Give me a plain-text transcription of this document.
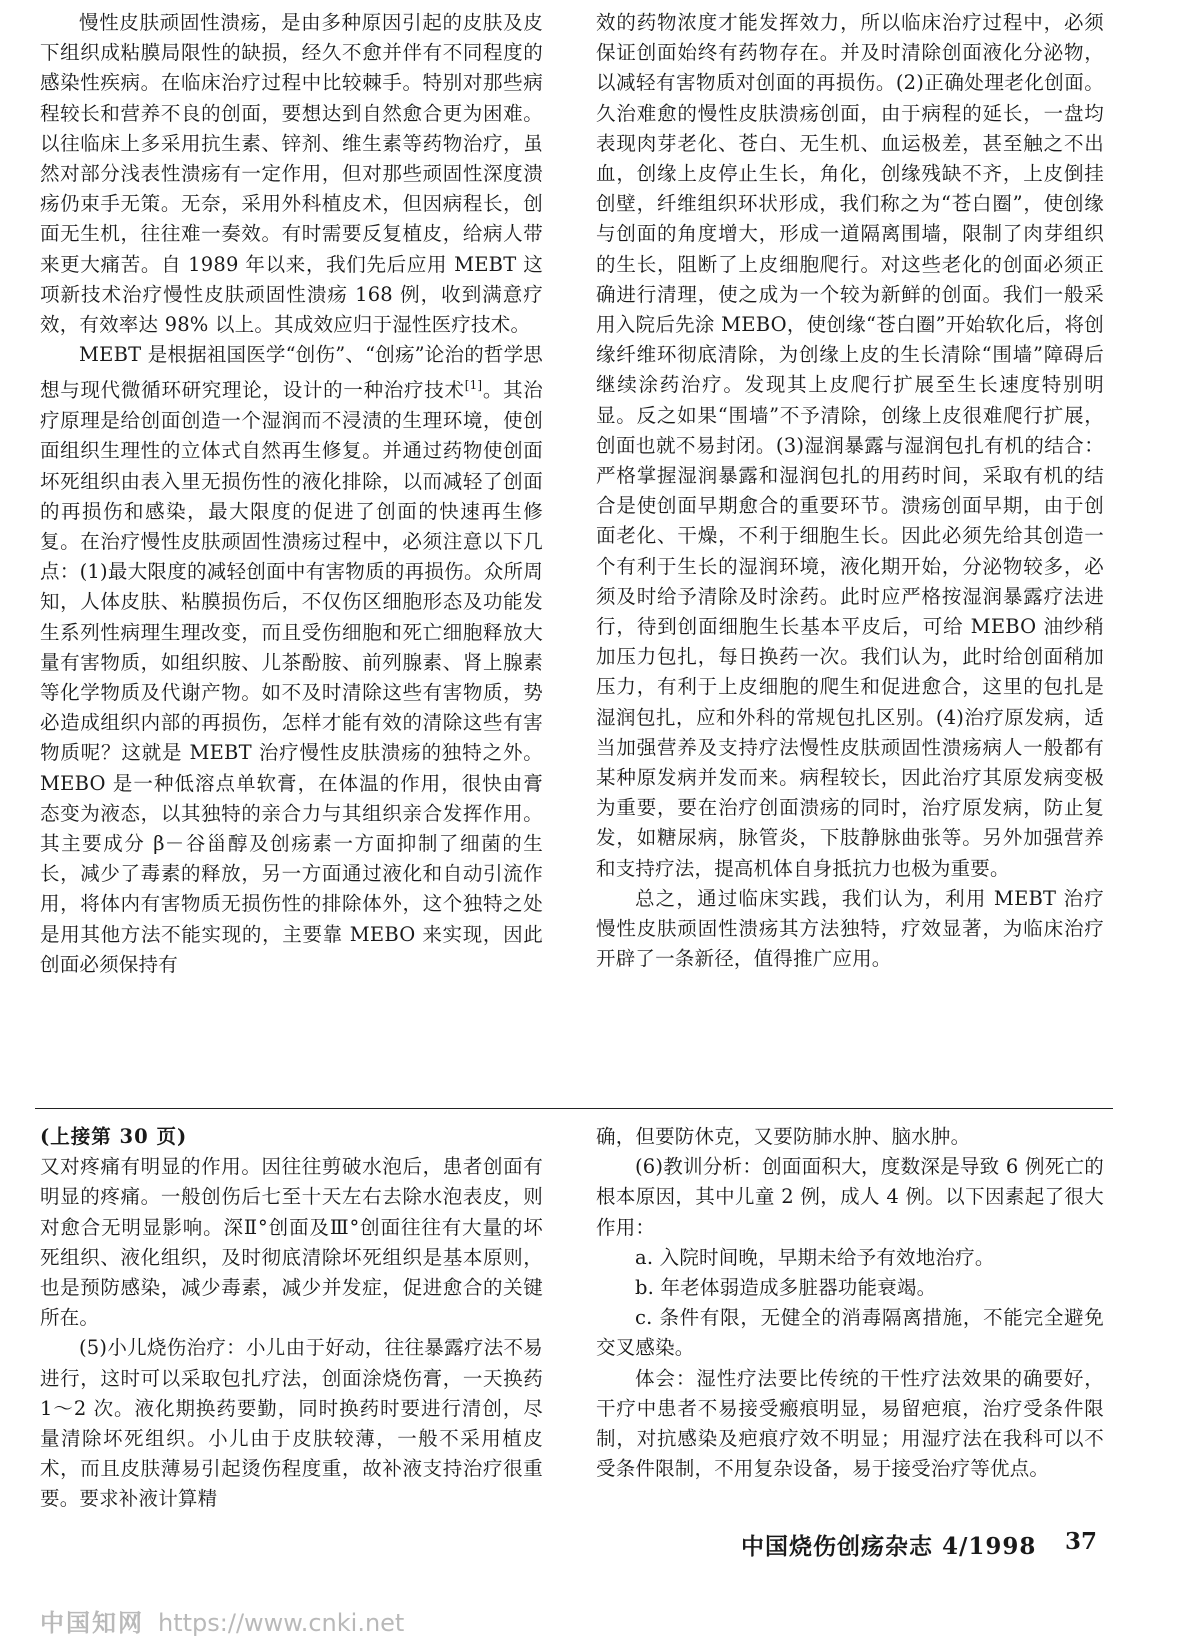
慢性皮肤顽固性溃疡，是由多种原因引起的皮肤及皮下组织成粘膜局限性的缺损，经久不愈并伴有不同程度的感染性疾病。在临床治疗过程中比较棘手。特别对那些病程较长和营养不良的创面，要想达到自然愈合更为困难。以往临床上多采用抗生素、锌剂、维生素等药物治疗，虽然对部分浅表性溃疡有一定作用，但对那些顽固性深度溃疡仍束手无策。无奈，采用外科植皮术，但因病程长，创面无生机，往往难一奏效。有时需要反复植皮，给病人带来更大痛苦。自 1989 年以来，我们先后应用 MEBT 这项新技术治疗慢性皮肤顽固性溃疡 168 例，收到满意疗效，有效率达 98% 以上。其成效应归于湿性医疗技术。

MEBT 是根据祖国医学“创伤”、“创疡”论治的哲学思想与现代微循环研究理论，设计的一种治疗技术[1]。其治疗原理是给创面创造一个湿润而不浸渍的生理环境，使创面组织生理性的立体式自然再生修复。并通过药物使创面坏死组织由表入里无损伤性的液化排除，以而减轻了创面的再损伤和感染，最大限度的促进了创面的快速再生修复。在治疗慢性皮肤顽固性溃疡过程中，必须注意以下几点：(1)最大限度的减轻创面中有害物质的再损伤。众所周知，人体皮肤、粘膜损伤后，不仅伤区细胞形态及功能发生系列性病理生理改变，而且受伤细胞和死亡细胞释放大量有害物质，如组织胺、儿茶酚胺、前列腺素、肾上腺素等化学物质及代谢产物。如不及时清除这些有害物质，势必造成组织内部的再损伤，怎样才能有效的清除这些有害物质呢？这就是 MEBT 治疗慢性皮肤溃疡的独特之外。MEBO 是一种低溶点单软膏，在体温的作用，很快由膏态变为液态，以其独特的亲合力与其组织亲合发挥作用。其主要成分 β－谷甾醇及创疡素一方面抑制了细菌的生长，减少了毒素的释放，另一方面通过液化和自动引流作用，将体内有害物质无损伤性的排除体外，这个独特之处是用其他方法不能实现的，主要靠 MEBO 来实现，因此创面必须保持有

效的药物浓度才能发挥效力，所以临床治疗过程中，必须保证创面始终有药物存在。并及时清除创面液化分泌物，以减轻有害物质对创面的再损伤。(2)正确处理老化创面。久治难愈的慢性皮肤溃疡创面，由于病程的延长，一盘均表现肉芽老化、苍白、无生机、血运极差，甚至触之不出血，创缘上皮停止生长，角化，创缘残缺不齐，上皮倒挂创壁，纤维组织环状形成，我们称之为“苍白圈”，使创缘与创面的角度增大，形成一道隔离围墙，限制了肉芽组织的生长，阻断了上皮细胞爬行。对这些老化的创面必须正确进行清理，使之成为一个较为新鲜的创面。我们一般采用入院后先涂 MEBO，使创缘“苍白圈”开始软化后，将创缘纤维环彻底清除，为创缘上皮的生长清除“围墙”障碍后继续涂药治疗。发现其上皮爬行扩展至生长速度特别明显。反之如果“围墙”不予清除，创缘上皮很难爬行扩展，创面也就不易封闭。(3)湿润暴露与湿润包扎有机的结合：严格掌握湿润暴露和湿润包扎的用药时间，采取有机的结合是使创面早期愈合的重要环节。溃疡创面早期，由于创面老化、干燥，不利于细胞生长。因此必须先给其创造一个有利于生长的湿润环境，液化期开始，分泌物较多，必须及时给予清除及时涂药。此时应严格按湿润暴露疗法进行，待到创面细胞生长基本平皮后，可给 MEBO 油纱稍加压力包扎，每日换药一次。我们认为，此时给创面稍加压力，有利于上皮细胞的爬生和促进愈合，这里的包扎是湿润包扎，应和外科的常规包扎区别。(4)治疗原发病，适当加强营养及支持疗法慢性皮肤顽固性溃疡病人一般都有某种原发病并发而来。病程较长，因此治疗其原发病变极为重要，要在治疗创面溃疡的同时，治疗原发病，防止复发，如糖尿病，脉管炎，下肢静脉曲张等。另外加强营养和支持疗法，提高机体自身抵抗力也极为重要。

总之，通过临床实践，我们认为，利用 MEBT 治疗慢性皮肤顽固性溃疡其方法独特，疗效显著，为临床治疗开辟了一条新径，值得推广应用。

(上接第 30 页)

又对疼痛有明显的作用。因往往剪破水泡后，患者创面有明显的疼痛。一般创伤后七至十天左右去除水泡表皮，则对愈合无明显影响。深Ⅱ°创面及Ⅲ°创面往往有大量的坏死组织、液化组织，及时彻底清除坏死组织是基本原则，也是预防感染，减少毒素，减少并发症，促进愈合的关键所在。

(5)小儿烧伤治疗：小儿由于好动，往往暴露疗法不易进行，这时可以采取包扎疗法，创面涂烧伤膏，一天换药 1～2 次。液化期换药要勤，同时换药时要进行清创，尽量清除坏死组织。小儿由于皮肤较薄，一般不采用植皮术，而且皮肤薄易引起烫伤程度重，故补液支持治疗很重要。要求补液计算精

确，但要防休克，又要防肺水肿、脑水肿。

(6)教训分析：创面面积大，度数深是导致 6 例死亡的根本原因，其中儿童 2 例，成人 4 例。以下因素起了很大作用：

a. 入院时间晚，早期未给予有效地治疗。

b. 年老体弱造成多脏器功能衰竭。

c. 条件有限，无健全的消毒隔离措施，不能完全避免交叉感染。

体会：湿性疗法要比传统的干性疗法效果的确要好，干疗中患者不易接受瘢痕明显，易留疤痕，治疗受条件限制，对抗感染及疤痕疗效不明显；用湿疗法在我科可以不受条件限制，不用复杂设备，易于接受治疗等优点。

中国烧伤创疡杂志 4/1998 37
中国知网 https://www.cnki.net
